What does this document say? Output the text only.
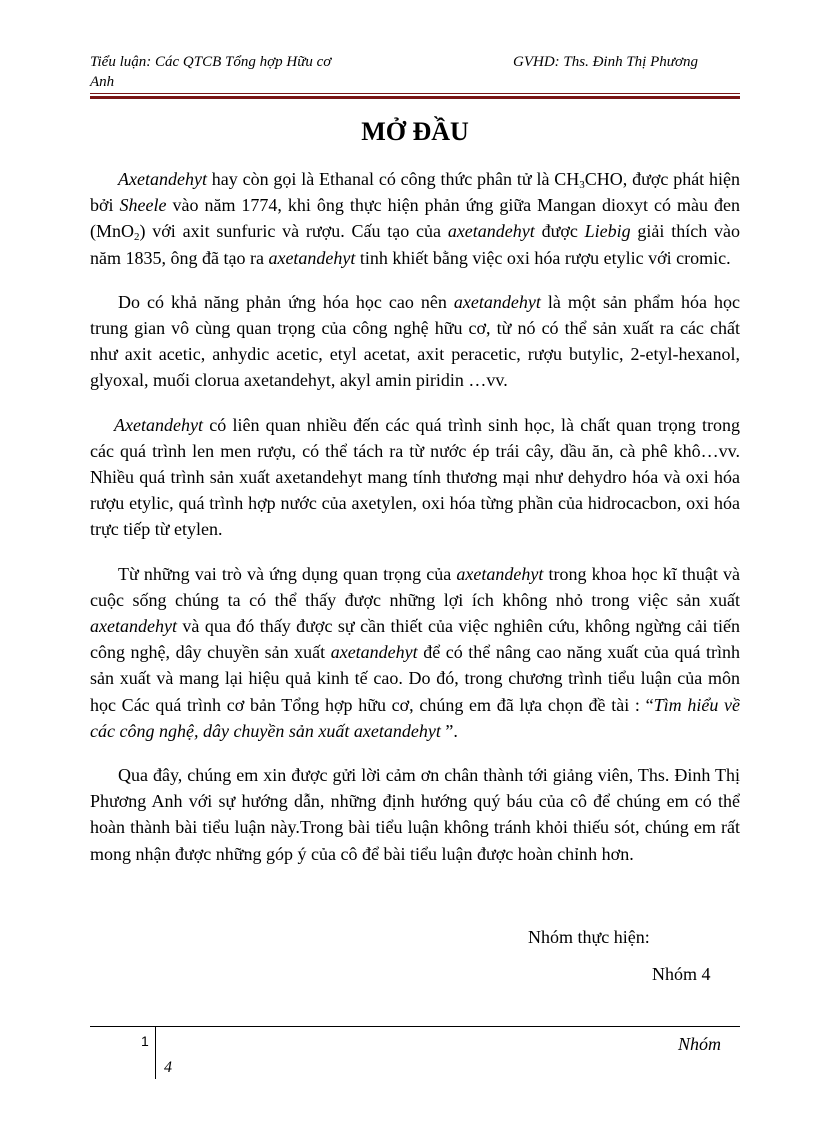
Tiểu luận: Các QTCB Tổng hợp Hữu cơ
Anh
GVHD: Ths. Đinh Thị Phương
MỞ ĐẦU

Axetandehyt hay còn gọi là Ethanal có công thức phân tử là $CH_3CHO$, được phát hiện bởi Sheele vào năm 1774, khi ông thực hiện phản ứng giữa Mangan dioxyt có màu đen (MnO$_2$) với axit sunfuric và rượu. Cấu tạo của axetandehyt được Liebig giải thích vào năm 1835, ông đã tạo ra axetandehyt tinh khiết bằng việc oxi hóa rượu etylic với cromic.

Do có khả năng phản ứng hóa học cao nên axetandehyt là một sản phẩm hóa học trung gian vô cùng quan trọng của công nghệ hữu cơ, từ nó có thể sản xuất ra các chất như axit acetic, anhydic acetic, etyl acetat, axit peracetic, rượu butylic, 2-etyl-hexanol, glyoxal, muối clorua axetandehyt, akyl amin piridin …vv.

Axetandehyt có liên quan nhiều đến các quá trình sinh học, là chất quan trọng trong các quá trình len men rượu, có thể tách ra từ nước ép trái cây, dầu ăn, cà phê khô…vv. Nhiều quá trình sản xuất axetandehyt mang tính thương mại như dehydro hóa và oxi hóa rượu etylic, quá trình hợp nước của axetylen, oxi hóa từng phần của hidrocacbon, oxi hóa trực tiếp từ etylen.

Từ những vai trò và ứng dụng quan trọng của axetandehyt trong khoa học kĩ thuật và cuộc sống chúng ta có thể thấy được những lợi ích không nhỏ trong việc sản xuất axetandehyt và qua đó thấy được sự cần thiết của việc nghiên cứu, không ngừng cải tiến công nghệ, dây chuyền sản xuất axetandehyt để có thể nâng cao năng xuất của quá trình sản xuất và mang lại hiệu quả kinh tế cao. Do đó, trong chương trình tiểu luận của môn học Các quá trình cơ bản Tổng hợp hữu cơ, chúng em đã lựa chọn đề tài : “Tìm hiểu về các công nghệ, dây chuyền sản xuất axetandehyt ”.

Qua đây, chúng em xin được gửi lời cảm ơn chân thành tới giảng viên, Ths. Đinh Thị Phương Anh với sự hướng dẫn, những định hướng quý báu của cô để chúng em có thể hoàn thành bài tiểu luận này.Trong bài tiểu luận không tránh khỏi thiếu sót, chúng em rất mong nhận được những góp ý của cô để bài tiểu luận được hoàn chỉnh hơn.

Nhóm thực hiện:
Nhóm 4
1
4
Nhóm
